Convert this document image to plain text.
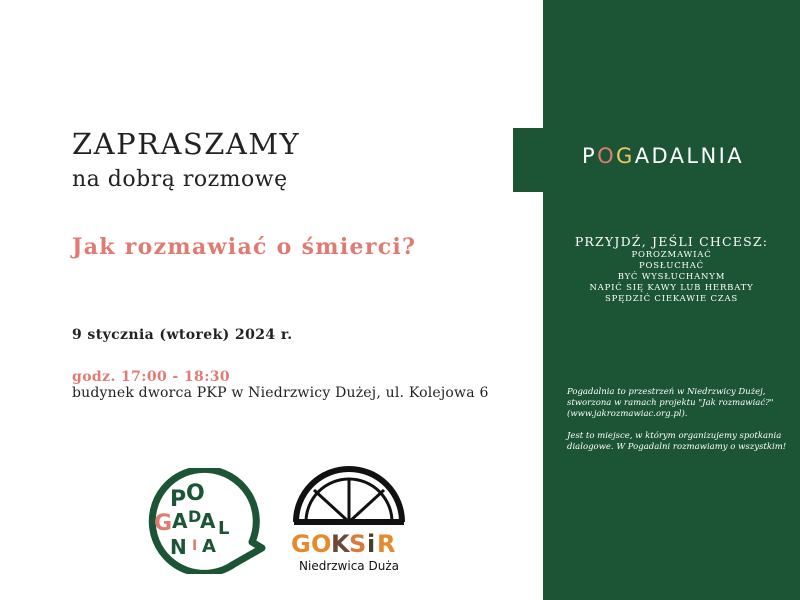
ZAPRASZAMY
na dobrą rozmowę
Jak rozmawiać o śmierci?
9 stycznia (wtorek) 2024 r.
godz. 17:00 - 18:30
budynek dworca PKP w Niedrzwicy Dużej, ul. Kolejowa 6
POGADALNIA
PRZYJDŹ, JEŚLI CHCESZ:
POROZMAWIAĆ
POSŁUCHAĆ
BYĆ WYSŁUCHANYM
NAPIĆ SIĘ KAWY LUB HERBATY
SPĘDZIĆ CIEKAWIE CZAS

Pogadalnia to przestrzeń w Niedrzwicy Dużej, stworzona w ramach projektu "Jak rozmawiać?" (www.jakrozmawiac.org.pl).

Jest to miejsce, w którym organizujemy spotkania dialogowe. W Pogadalni rozmawiamy o wszystkim!

P O
G A D
A L
N I A	G O K S i R
Niedrzwica Duża
